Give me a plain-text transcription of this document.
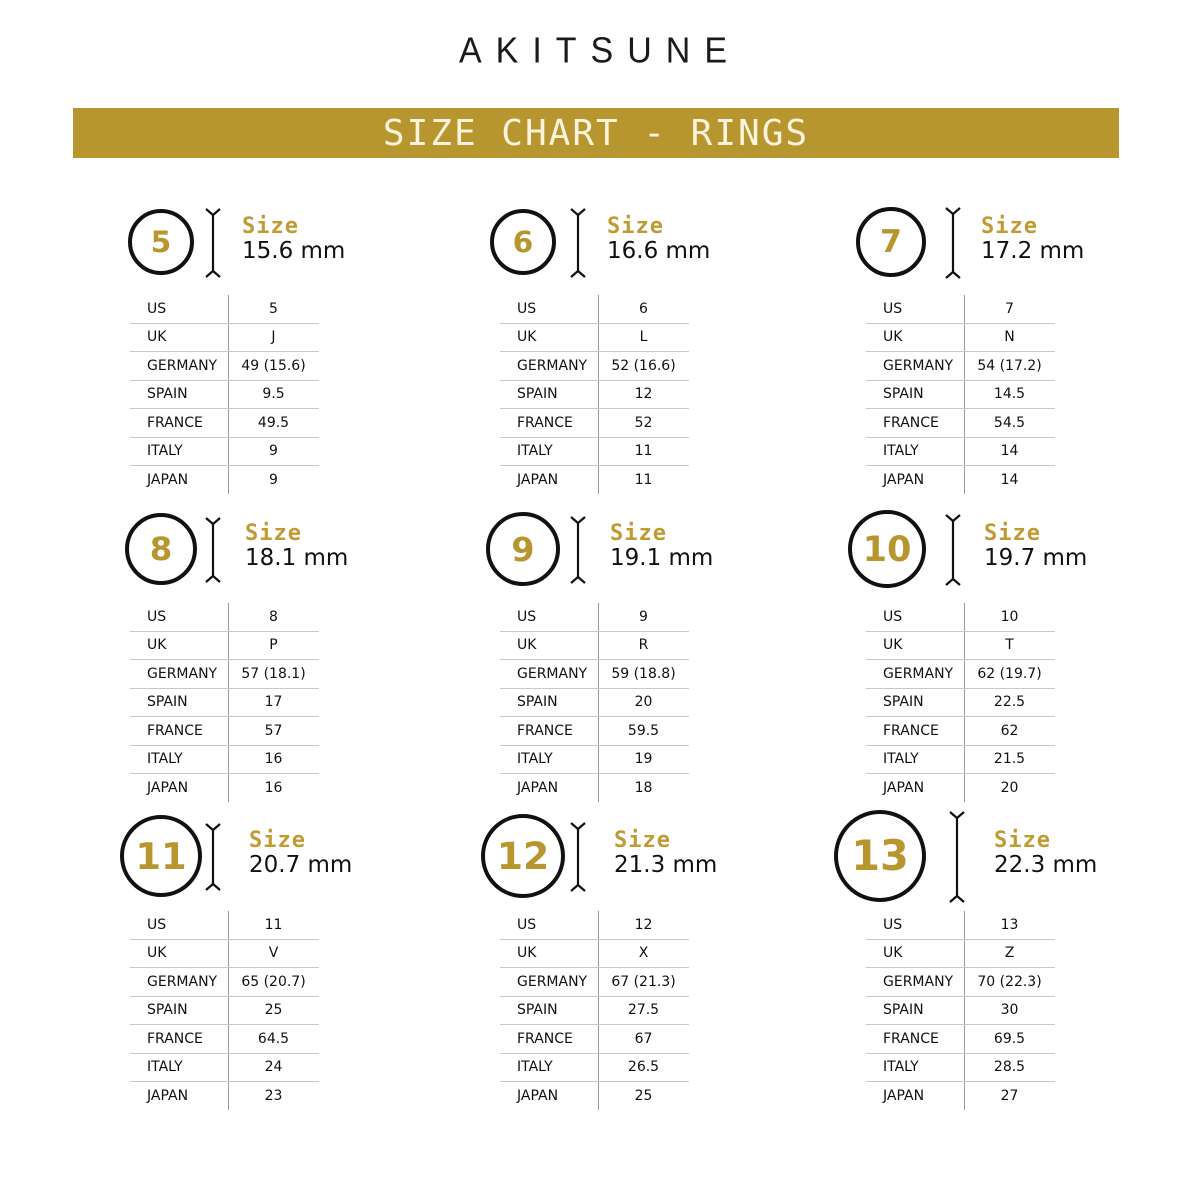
AKITSUNE
SIZE CHART - RINGS
5	Size
15.6 mm
US	5
UK	J
GERMANY	49 (15.6)
SPAIN	9.5
FRANCE	49.5
ITALY	9
JAPAN	9
6	Size
16.6 mm
US	6
UK	L
GERMANY	52 (16.6)
SPAIN	12
FRANCE	52
ITALY	11
JAPAN	11
7	Size
17.2 mm
US	7
UK	N
GERMANY	54 (17.2)
SPAIN	14.5
FRANCE	54.5
ITALY	14
JAPAN	14
8	Size
18.1 mm
US	8
UK	P
GERMANY	57 (18.1)
SPAIN	17
FRANCE	57
ITALY	16
JAPAN	16
9	Size
19.1 mm
US	9
UK	R
GERMANY	59 (18.8)
SPAIN	20
FRANCE	59.5
ITALY	19
JAPAN	18
10	Size
19.7 mm
US	10
UK	T
GERMANY	62 (19.7)
SPAIN	22.5
FRANCE	62
ITALY	21.5
JAPAN	20
11	Size
20.7 mm
US	11
UK	V
GERMANY	65 (20.7)
SPAIN	25
FRANCE	64.5
ITALY	24
JAPAN	23
12	Size
21.3 mm
US	12
UK	X
GERMANY	67 (21.3)
SPAIN	27.5
FRANCE	67
ITALY	26.5
JAPAN	25
13	Size
22.3 mm
US	13
UK	Z
GERMANY	70 (22.3)
SPAIN	30
FRANCE	69.5
ITALY	28.5
JAPAN	27
